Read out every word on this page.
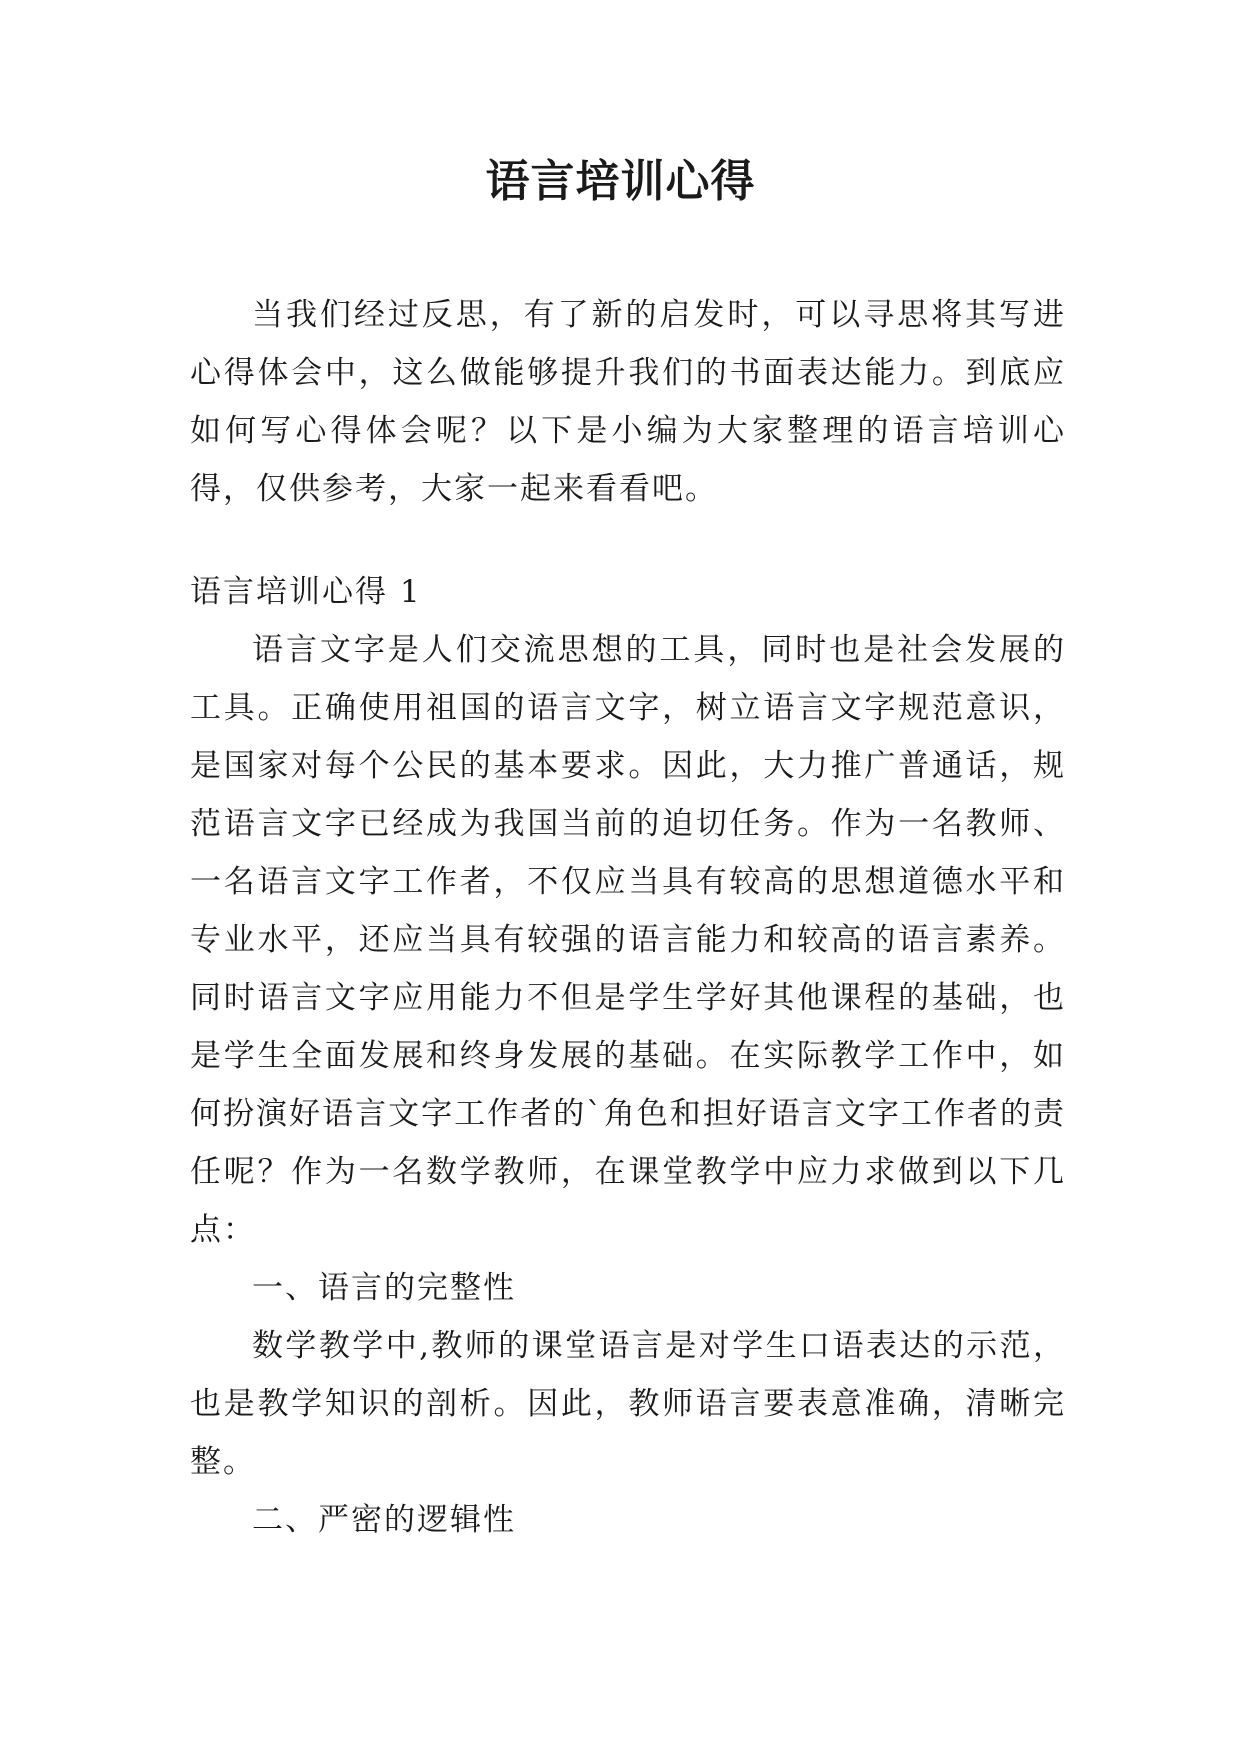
语言培训心得

当我们经过反思，有了新的启发时，可以寻思将其写进心得体会中，这么做能够提升我们的书面表达能力。到底应如何写心得体会呢？以下是小编为大家整理的语言培训心得，仅供参考，大家一起来看看吧。

语言培训心得 1

语言文字是人们交流思想的工具，同时也是社会发展的工具。正确使用祖国的语言文字，树立语言文字规范意识，是国家对每个公民的基本要求。因此，大力推广普通话，规范语言文字已经成为我国当前的迫切任务。作为一名教师、一名语言文字工作者，不仅应当具有较高的思想道德水平和专业水平，还应当具有较强的语言能力和较高的语言素养。同时语言文字应用能力不但是学生学好其他课程的基础，也是学生全面发展和终身发展的基础。在实际教学工作中，如何扮演好语言文字工作者的`角色和担好语言文字工作者的责任呢？作为一名数学教师，在课堂教学中应力求做到以下几点：

一、语言的完整性

数学教学中,教师的课堂语言是对学生口语表达的示范，也是教学知识的剖析。因此，教师语言要表意准确，清晰完整。

二、严密的逻辑性
